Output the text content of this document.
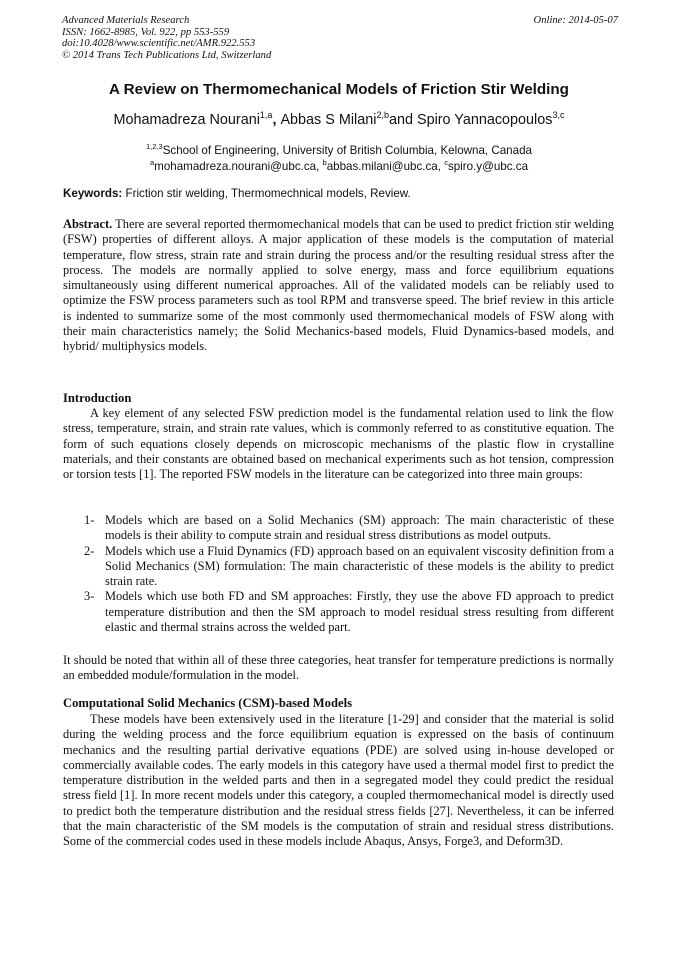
Advanced Materials Research
ISSN: 1662-8985, Vol. 922, pp 553-559
doi:10.4028/www.scientific.net/AMR.922.553
© 2014 Trans Tech Publications Ltd, Switzerland
Online: 2014-05-07
A Review on Thermomechanical Models of Friction Stir Welding
Mohamadreza Nourani$^{1,a}$, Abbas S Milani$^{2,b}$and Spiro Yannacopoulos$^{3,c}$
$^{1,2,3}$School of Engineering, University of British Columbia, Kelowna, Canada
$^a$mohamadreza.nourani@ubc.ca, $^b$abbas.milani@ubc.ca, $^c$spiro.y@ubc.ca
Keywords: Friction stir welding, Thermomechnical models, Review.
Abstract. There are several reported thermomechanical models that can be used to predict friction stir welding (FSW) properties of different alloys. A major application of these models is the computation of material temperature, flow stress, strain rate and strain during the process and/or the resulting residual stress after the process. The models are normally applied to solve energy, mass and force equilibrium equations simultaneously using different numerical approaches. All of the validated models can be reliably used to optimize the FSW process parameters such as tool RPM and transverse speed. The brief review in this article is indented to summarize some of the most commonly used thermomechanical models of FSW along with their main characteristics namely; the Solid Mechanics-based models, Fluid Dynamics-based models, and hybrid/ multiphysics models.
Introduction
A key element of any selected FSW prediction model is the fundamental relation used to link the flow stress, temperature, strain, and strain rate values, which is commonly referred to as constitutive equation. The form of such equations closely depends on microscopic mechanisms of the plastic flow in crystalline materials, and their constants are obtained based on mechanical experiments such as hot tension, compression or torsion tests [1]. The reported FSW models in the literature can be categorized into three main groups:
1- Models which are based on a Solid Mechanics (SM) approach: The main characteristic of these models is their ability to compute strain and residual stress distributions as model outputs.
2- Models which use a Fluid Dynamics (FD) approach based on an equivalent viscosity definition from a Solid Mechanics (SM) formulation: The main characteristic of these models is the ability to predict strain rate.
3- Models which use both FD and SM approaches: Firstly, they use the above FD approach to predict temperature distribution and then the SM approach to model residual stress resulting from different elastic and thermal strains across the welded part.
It should be noted that within all of these three categories, heat transfer for temperature predictions is normally an embedded module/formulation in the model.
Computational Solid Mechanics (CSM)-based Models
These models have been extensively used in the literature [1-29] and consider that the material is solid during the welding process and the force equilibrium equation is expressed on the basis of continuum mechanics and the resulting partial derivative equations (PDE) are solved using in-house developed or commercially available codes. The early models in this category have used a thermal model first to predict the temperature distribution in the welded parts and then in a segregated model they could predict the residual stress field [1]. In more recent models under this category, a coupled thermomechanical model is directly used to predict both the temperature distribution and the residual stress fields [27]. Nevertheless, it can be inferred that the main characteristic of the SM models is the computation of strain and residual stress distributions. Some of the commercial codes used in these models include Abaqus, Ansys, Forge3, and Deform3D.
